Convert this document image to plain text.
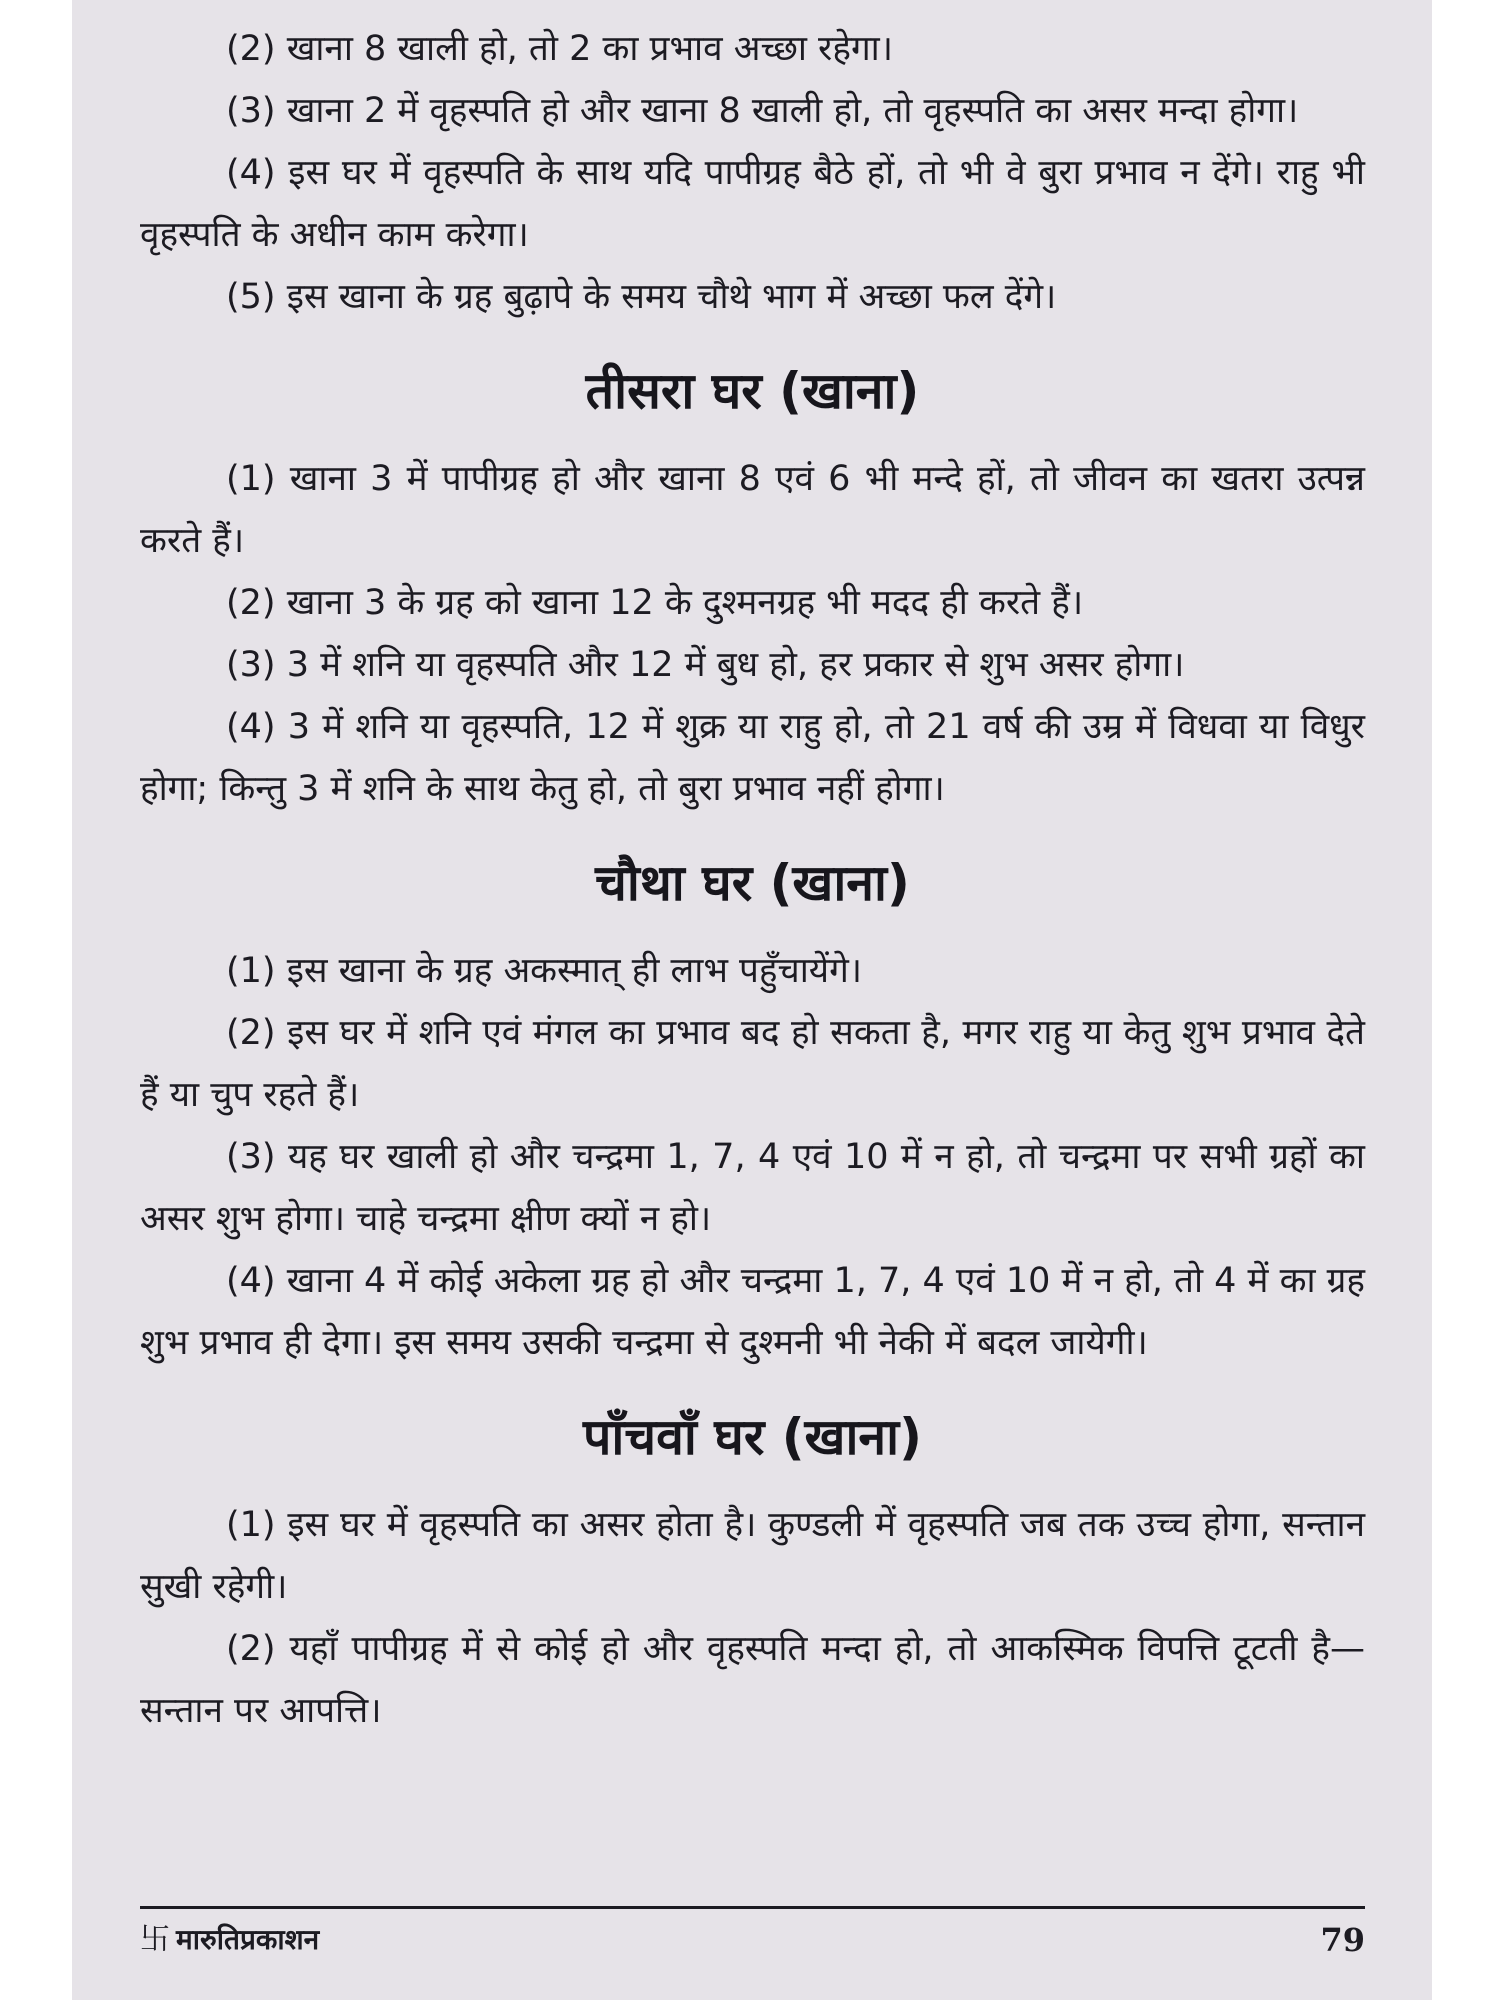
(2) खाना 8 खाली हो, तो 2 का प्रभाव अच्छा रहेगा।

(3) खाना 2 में वृहस्पति हो और खाना 8 खाली हो, तो वृहस्पति का असर मन्दा होगा।

(4) इस घर में वृहस्पति के साथ यदि पापीग्रह बैठे हों, तो भी वे बुरा प्रभाव न देंगे। राहु भी वृहस्पति के अधीन काम करेगा।

(5) इस खाना के ग्रह बुढ़ापे के समय चौथे भाग में अच्छा फल देंगे।

तीसरा घर (खाना)

(1) खाना 3 में पापीग्रह हो और खाना 8 एवं 6 भी मन्दे हों, तो जीवन का खतरा उत्पन्न करते हैं।

(2) खाना 3 के ग्रह को खाना 12 के दुश्मनग्रह भी मदद ही करते हैं।

(3) 3 में शनि या वृहस्पति और 12 में बुध हो, हर प्रकार से शुभ असर होगा।

(4) 3 में शनि या वृहस्पति, 12 में शुक्र या राहु हो, तो 21 वर्ष की उम्र में विधवा या विधुर होगा; किन्तु 3 में शनि के साथ केतु हो, तो बुरा प्रभाव नहीं होगा।

चौथा घर (खाना)

(1) इस खाना के ग्रह अकस्मात् ही लाभ पहुँचायेंगे।

(2) इस घर में शनि एवं मंगल का प्रभाव बद हो सकता है, मगर राहु या केतु शुभ प्रभाव देते हैं या चुप रहते हैं।

(3) यह घर खाली हो और चन्द्रमा 1, 7, 4 एवं 10 में न हो, तो चन्द्रमा पर सभी ग्रहों का असर शुभ होगा। चाहे चन्द्रमा क्षीण क्यों न हो।

(4) खाना 4 में कोई अकेला ग्रह हो और चन्द्रमा 1, 7, 4 एवं 10 में न हो, तो 4 में का ग्रह शुभ प्रभाव ही देगा। इस समय उसकी चन्द्रमा से दुश्मनी भी नेकी में बदल जायेगी।

पाँचवाँ घर (खाना)

(1) इस घर में वृहस्पति का असर होता है। कुण्डली में वृहस्पति जब तक उच्च होगा, सन्तान सुखी रहेगी।

(2) यहाँ पापीग्रह में से कोई हो और वृहस्पति मन्दा हो, तो आकस्मिक विपत्ति टूटती है—सन्तान पर आपत्ति।

卐 मारुतिप्रकाशन	79
